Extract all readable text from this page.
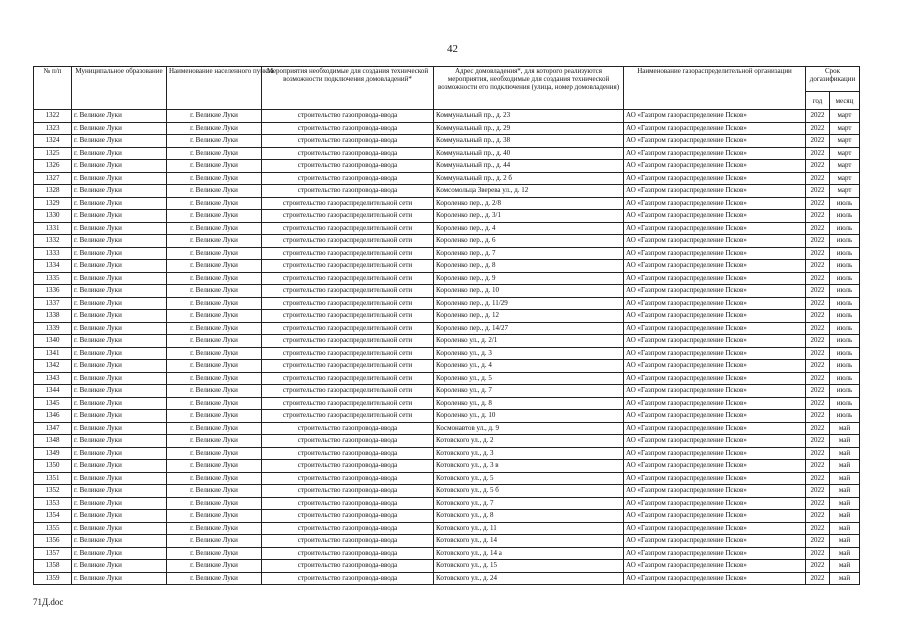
42
№ п/п	Муниципальное образование	Наименование населенного пункта	Мероприятия необходимые для создания технической возможности подключения домовладений*	Адрес домовладения*, для которого реализуются мероприятия, необходимые для создания технической возможности его подключения (улица, номер домовладения)	Наименование газораспределительной организации	Срок догазификации	
						год	месяц
1322	г. Великие Луки	г. Великие Луки	строительство газопровода-ввода	Коммунальный пр., д. 23	АО «Газпром газораспределение Псков»	2022	март
1323	г. Великие Луки	г. Великие Луки	строительство газопровода-ввода	Коммунальный пр., д. 29	АО «Газпром газораспределение Псков»	2022	март
1324	г. Великие Луки	г. Великие Луки	строительство газопровода-ввода	Коммунальный пр., д. 38	АО «Газпром газораспределение Псков»	2022	март
1325	г. Великие Луки	г. Великие Луки	строительство газопровода-ввода	Коммунальный пр., д. 40	АО «Газпром газораспределение Псков»	2022	март
1326	г. Великие Луки	г. Великие Луки	строительство газопровода-ввода	Коммунальный пр., д. 44	АО «Газпром газораспределение Псков»	2022	март
1327	г. Великие Луки	г. Великие Луки	строительство газопровода-ввода	Коммунальный пр., д. 2 б	АО «Газпром газораспределение Псков»	2022	март
1328	г. Великие Луки	г. Великие Луки	строительство газопровода-ввода	Комсомольца Зверева ул., д. 12	АО «Газпром газораспределение Псков»	2022	март
1329	г. Великие Луки	г. Великие Луки	строительство газораспределительной сети	Короленко пер., д. 2/8	АО «Газпром газораспределение Псков»	2022	июль
1330	г. Великие Луки	г. Великие Луки	строительство газораспределительной сети	Короленко пер., д. 3/1	АО «Газпром газораспределение Псков»	2022	июль
1331	г. Великие Луки	г. Великие Луки	строительство газораспределительной сети	Короленко пер., д. 4	АО «Газпром газораспределение Псков»	2022	июль
1332	г. Великие Луки	г. Великие Луки	строительство газораспределительной сети	Короленко пер., д. 6	АО «Газпром газораспределение Псков»	2022	июль
1333	г. Великие Луки	г. Великие Луки	строительство газораспределительной сети	Короленко пер., д. 7	АО «Газпром газораспределение Псков»	2022	июль
1334	г. Великие Луки	г. Великие Луки	строительство газораспределительной сети	Короленко пер., д. 8	АО «Газпром газораспределение Псков»	2022	июль
1335	г. Великие Луки	г. Великие Луки	строительство газораспределительной сети	Короленко пер., д. 9	АО «Газпром газораспределение Псков»	2022	июль
1336	г. Великие Луки	г. Великие Луки	строительство газораспределительной сети	Короленко пер., д. 10	АО «Газпром газораспределение Псков»	2022	июль
1337	г. Великие Луки	г. Великие Луки	строительство газораспределительной сети	Короленко пер., д. 11/29	АО «Газпром газораспределение Псков»	2022	июль
1338	г. Великие Луки	г. Великие Луки	строительство газораспределительной сети	Короленко пер., д. 12	АО «Газпром газораспределение Псков»	2022	июль
1339	г. Великие Луки	г. Великие Луки	строительство газораспределительной сети	Короленко пер., д. 14/27	АО «Газпром газораспределение Псков»	2022	июль
1340	г. Великие Луки	г. Великие Луки	строительство газораспределительной сети	Короленко ул., д. 2/1	АО «Газпром газораспределение Псков»	2022	июль
1341	г. Великие Луки	г. Великие Луки	строительство газораспределительной сети	Короленко ул., д. 3	АО «Газпром газораспределение Псков»	2022	июль
1342	г. Великие Луки	г. Великие Луки	строительство газораспределительной сети	Короленко ул., д. 4	АО «Газпром газораспределение Псков»	2022	июль
1343	г. Великие Луки	г. Великие Луки	строительство газораспределительной сети	Короленко ул., д. 5	АО «Газпром газораспределение Псков»	2022	июль
1344	г. Великие Луки	г. Великие Луки	строительство газораспределительной сети	Короленко ул., д. 7	АО «Газпром газораспределение Псков»	2022	июль
1345	г. Великие Луки	г. Великие Луки	строительство газораспределительной сети	Короленко ул., д. 8	АО «Газпром газораспределение Псков»	2022	июль
1346	г. Великие Луки	г. Великие Луки	строительство газораспределительной сети	Короленко ул., д. 10	АО «Газпром газораспределение Псков»	2022	июль
1347	г. Великие Луки	г. Великие Луки	строительство газопровода-ввода	Космонавтов ул., д. 9	АО «Газпром газораспределение Псков»	2022	май
1348	г. Великие Луки	г. Великие Луки	строительство газопровода-ввода	Котовского ул., д. 2	АО «Газпром газораспределение Псков»	2022	май
1349	г. Великие Луки	г. Великие Луки	строительство газопровода-ввода	Котовского ул., д. 3	АО «Газпром газораспределение Псков»	2022	май
1350	г. Великие Луки	г. Великие Луки	строительство газопровода-ввода	Котовского ул., д. 3 в	АО «Газпром газораспределение Псков»	2022	май
1351	г. Великие Луки	г. Великие Луки	строительство газопровода-ввода	Котовского ул., д. 5	АО «Газпром газораспределение Псков»	2022	май
1352	г. Великие Луки	г. Великие Луки	строительство газопровода-ввода	Котовского ул., д. 5 б	АО «Газпром газораспределение Псков»	2022	май
1353	г. Великие Луки	г. Великие Луки	строительство газопровода-ввода	Котовского ул., д. 7	АО «Газпром газораспределение Псков»	2022	май
1354	г. Великие Луки	г. Великие Луки	строительство газопровода-ввода	Котовского ул., д. 8	АО «Газпром газораспределение Псков»	2022	май
1355	г. Великие Луки	г. Великие Луки	строительство газопровода-ввода	Котовского ул., д. 11	АО «Газпром газораспределение Псков»	2022	май
1356	г. Великие Луки	г. Великие Луки	строительство газопровода-ввода	Котовского ул., д. 14	АО «Газпром газораспределение Псков»	2022	май
1357	г. Великие Луки	г. Великие Луки	строительство газопровода-ввода	Котовского ул., д. 14 а	АО «Газпром газораспределение Псков»	2022	май
1358	г. Великие Луки	г. Великие Луки	строительство газопровода-ввода	Котовского ул., д. 15	АО «Газпром газораспределение Псков»	2022	май
1359	г. Великие Луки	г. Великие Луки	строительство газопровода-ввода	Котовского ул., д. 24	АО «Газпром газораспределение Псков»	2022	май
71Д.doc
